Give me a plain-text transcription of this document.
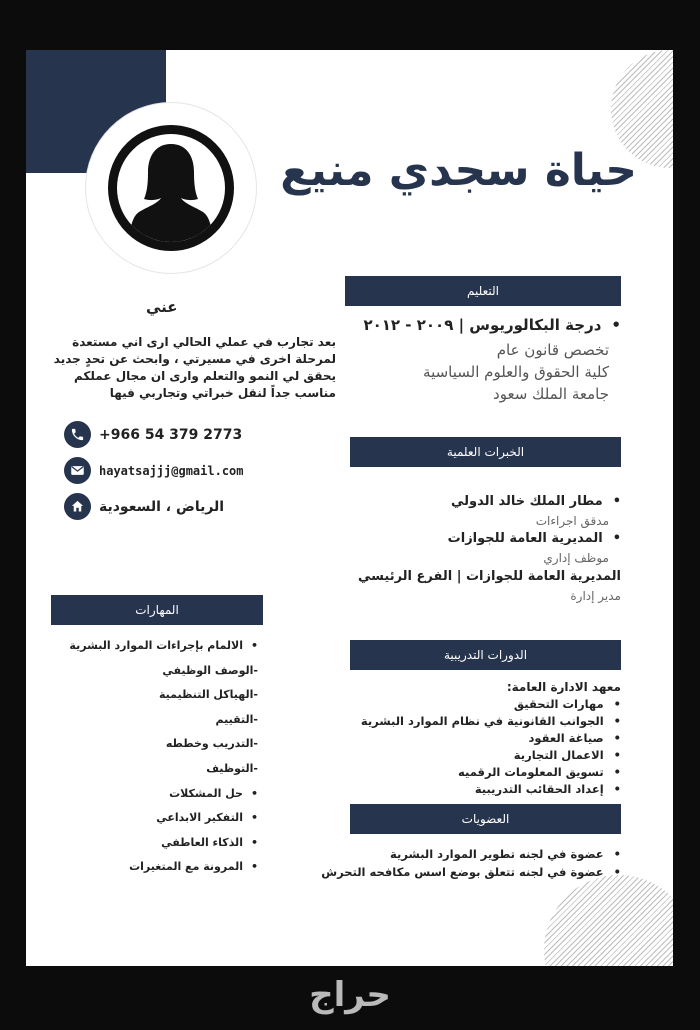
حياة سجدي منيع
عني
بعد تجارب في عملي الحالي ارى اني مستعدة لمرحلة اخرى في مسيرتي ، وابحث عن تحدٍ جديد يحقق لي النمو والتعلم وارى ان مجال عملكم مناسب جداً لنقل خبراتي وتجاربي فيها
+966 54 379 2773
hayatsajjj@gmail.com
الرياض ، السعودية
المهارات
• الالمام بإجراءات الموارد البشرية
-الوصف الوظيفي
-الهياكل التنظيمية
-التقييم
-التدريب وخططه
-التوظيف
• حل المشكلات
• التفكير الابداعي
• الذكاء العاطفي
• المرونة مع المتغيرات
التعليم
• درجة البكالوريوس | ٢٠٠٩ - ٢٠١٢
تخصص قانون عام
كلية الحقوق والعلوم السياسية
جامعة الملك سعود
الخبرات العلمية
• مطار الملك خالد الدولي
مدقق اجراءات
• المديرية العامة للجوازات
موظف إداري
المديرية العامة للجوازات | الفرع الرئيسي
مدير إدارة
الدورات التدريبية
معهد الادارة العامة:
• مهارات التحقيق
• الجوانب القانونية في نظام الموارد البشرية
• صياغة العقود
• الاعمال التجارية
• تسويق المعلومات الرقميه
• إعداد الحقائب التدريبية
العضويات
• عضوة في لجنه تطوير الموارد البشرية
• عضوة في لجنه تتعلق بوضع اسس مكافحه التحرش
حراج
